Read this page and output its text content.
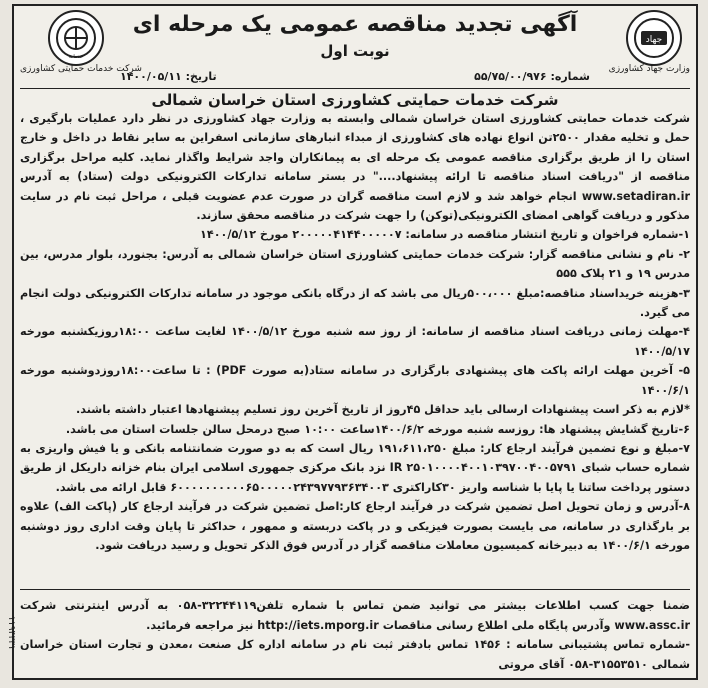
جهاد
وزارت جهاد کشاورزی
خدمات
شرکت خدمات حمایتی کشاورزی
آگهی تجدید مناقصه عمومی یک مرحله ای
نوبت اول
شماره: ۵۵/۷۵/۰۰/۹۷۶
تاریخ: ۱۴۰۰/۰۵/۱۱
شرکت خدمات حمایتی کشاورزی استان خراسان شمالی

شرکت خدمات حمایتی کشاورزی استان خراسان شمالی وابسته به وزارت جهاد کشاورزی در نظر دارد عملیات بارگیری ، حمل و تخلیه مقدار ۲۵۰۰تن انواع نهاده های کشاورزی از مبداء انبارهای سازمانی اسفراین به سایر نقاط در داخل و خارج استان را از طریق برگزاری مناقصه عمومی یک مرحله ای به پیمانکاران واجد شرایط واگذار نماید. کلیه مراحل برگزاری مناقصه از "دریافت اسناد مناقصه تا ارائه پیشنهاد...." در بستر سامانه تدارکات الکترونیکی دولت (ستاد) به آدرس www.setadiran.ir انجام خواهد شد و لازم است مناقصه گران در صورت عدم عضویت قبلی ، مراحل ثبت نام در سایت مذکور و دریافت گواهی امضای الکترونیکی(توکن) را جهت شرکت در مناقصه محقق سازند.

۱-شماره فراخوان و تاریخ انتشار مناقصه در سامانه: ۲۰۰۰۰۰۴۱۴۴۰۰۰۰۰۷ مورخ ۱۴۰۰/۵/۱۲

۲- نام و نشانی مناقصه گزار: شرکت خدمات حمایتی کشاورزی استان خراسان شمالی به آدرس: بجنورد، بلوار مدرس، بین مدرس ۱۹ و ۲۱ پلاک ۵۵۵

۳-هزینه خریداسناد مناقصه:مبلغ ۵۰۰،۰۰۰ریال می باشد که از درگاه بانکی موجود در سامانه تدارکات الکترونیکی دولت انجام می گیرد.

۴-مهلت زمانی دریافت اسناد مناقصه از سامانه: از روز سه شنبه مورخ ۱۴۰۰/۵/۱۲ لغایت ساعت ۱۸:۰۰روزیکشنبه مورخه ۱۴۰۰/۵/۱۷

۵- آخرین مهلت ارائه پاکت های پیشنهادی بارگزاری در سامانه ستاد(به صورت PDF) : تا ساعت۱۸:۰۰روزدوشنبه مورخه ۱۴۰۰/۶/۱

*لازم به ذکر است پیشنهادات ارسالی باید حداقل ۴۵روز از تاریخ آخرین روز تسلیم پیشنهادها اعتبار داشته باشند.

۶-تاریخ گشایش پیشنهاد ها: روزسه شنبه مورخه ۱۴۰۰/۶/۲ساعت ۱۰:۰۰ صبح درمحل سالن جلسات استان می باشد.

۷-مبلغ و نوع تضمین فرآیند ارجاع کار: مبلغ ۱۹۱،۶۱۱،۲۵۰ ریال است که به دو صورت ضمانتنامه بانکی و یا فیش واریزی به شماره حساب شبای IR ۲۵۰۱۰۰۰۰۴۰۰۱۰۳۹۷۰۰۴۰۰۵۷۹۱ نزد بانک مرکزی جمهوری اسلامی ایران بنام خزانه داریکل از طریق دستور پرداخت ساتنا یا پایا با شناسه واریز ۳۰کاراکتری ۶۰۰۰۰۰۰۰۰۰۰۶۵۰۰۰۰۰۲۴۳۹۷۷۹۳۶۳۴۰۰۳ قابل ارائه می باشد.

۸-آدرس و زمان تحویل اصل تضمین شرکت در فرآیند ارجاع کار:اصل تضمین شرکت در فرآیند ارجاع کار (پاکت الف) علاوه بر بارگذاری در سامانه، می بایست بصورت فیزیکی و در پاکت دربسته و ممهور ، حداکثر تا پایان وقت اداری روز دوشنبه مورخه ۱۴۰۰/۶/۱ به دبیرخانه کمیسیون معاملات مناقصه گزار در آدرس فوق الذکر تحویل و رسید دریافت شود.

ضمنا جهت کسب اطلاعات بیشتر می توانید ضمن تماس با شماره تلفن۳۲۲۴۴۱۱۹-۰۵۸ به آدرس اینترنتی شرکت www.assc.ir وآدرس پایگاه ملی اطلاع رسانی مناقصات http://iets.mporg.ir نیز مراجعه فرمائید.

-شماره تماس پشتیبانی سامانه : ۱۴۵۶ تماس بادفتر ثبت نام در سامانه اداره کل صنعت ،معدن و تجارت استان خراسان شمالی ۳۱۵۵۳۵۱۰-۰۵۸ آقای مروتی

۱۱۹۴۳۳۱
